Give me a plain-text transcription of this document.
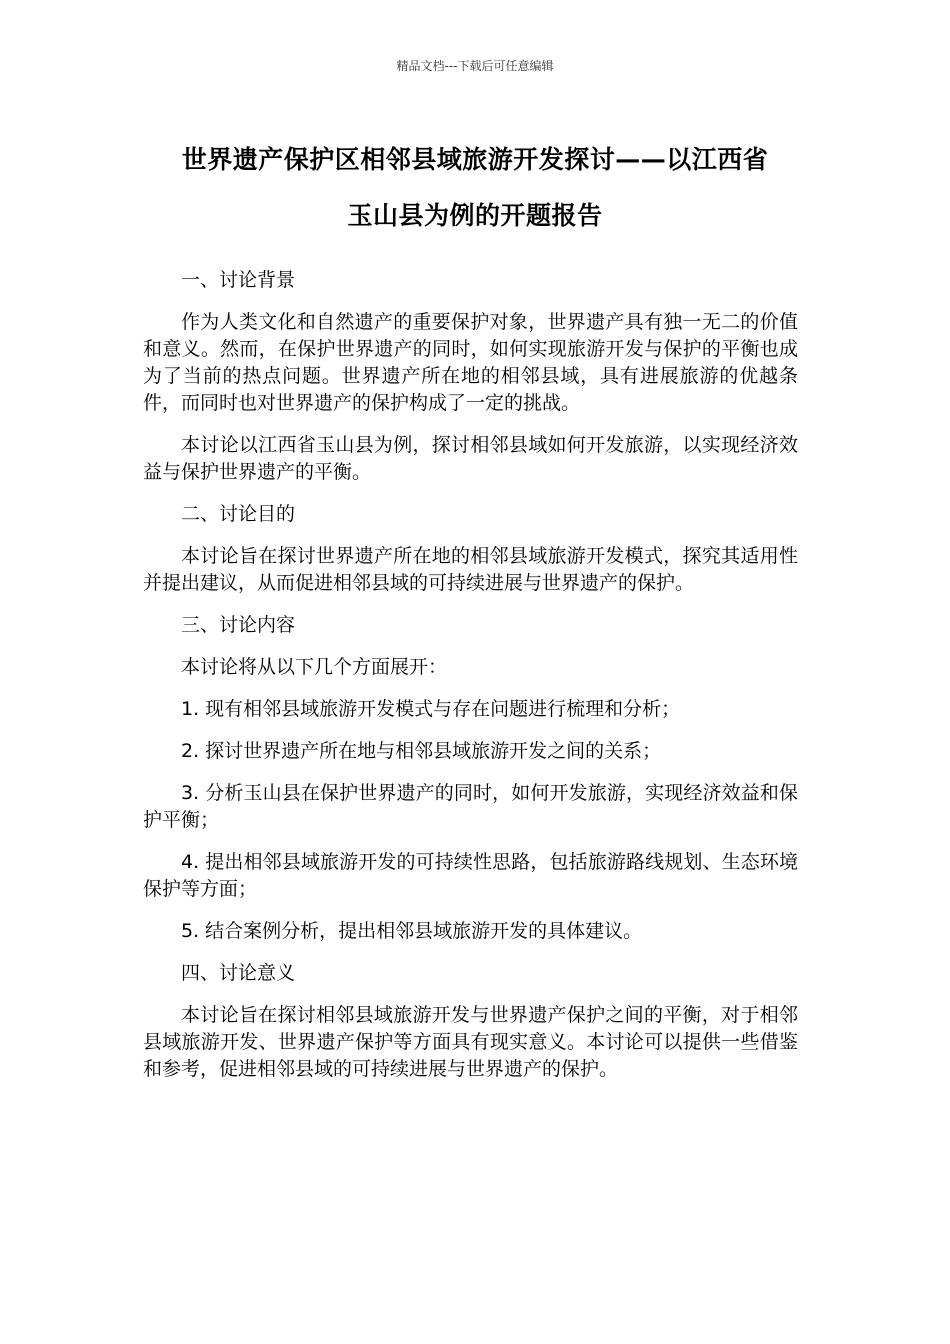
精品文档---下载后可任意编辑
世界遗产保护区相邻县域旅游开发探讨——以江西省
玉山县为例的开题报告

一、讨论背景

作为人类文化和自然遗产的重要保护对象，世界遗产具有独一无二的价值和意义。然而，在保护世界遗产的同时，如何实现旅游开发与保护的平衡也成为了当前的热点问题。世界遗产所在地的相邻县域，具有进展旅游的优越条件，而同时也对世界遗产的保护构成了一定的挑战。

本讨论以江西省玉山县为例，探讨相邻县域如何开发旅游，以实现经济效益与保护世界遗产的平衡。

二、讨论目的

本讨论旨在探讨世界遗产所在地的相邻县域旅游开发模式，探究其适用性并提出建议，从而促进相邻县域的可持续进展与世界遗产的保护。

三、讨论内容

本讨论将从以下几个方面展开：

1. 现有相邻县域旅游开发模式与存在问题进行梳理和分析；

2. 探讨世界遗产所在地与相邻县域旅游开发之间的关系；

3. 分析玉山县在保护世界遗产的同时，如何开发旅游，实现经济效益和保护平衡；

4. 提出相邻县域旅游开发的可持续性思路，包括旅游路线规划、生态环境保护等方面；

5. 结合案例分析，提出相邻县域旅游开发的具体建议。

四、讨论意义

本讨论旨在探讨相邻县域旅游开发与世界遗产保护之间的平衡，对于相邻县域旅游开发、世界遗产保护等方面具有现实意义。本讨论可以提供一些借鉴和参考，促进相邻县域的可持续进展与世界遗产的保护。
